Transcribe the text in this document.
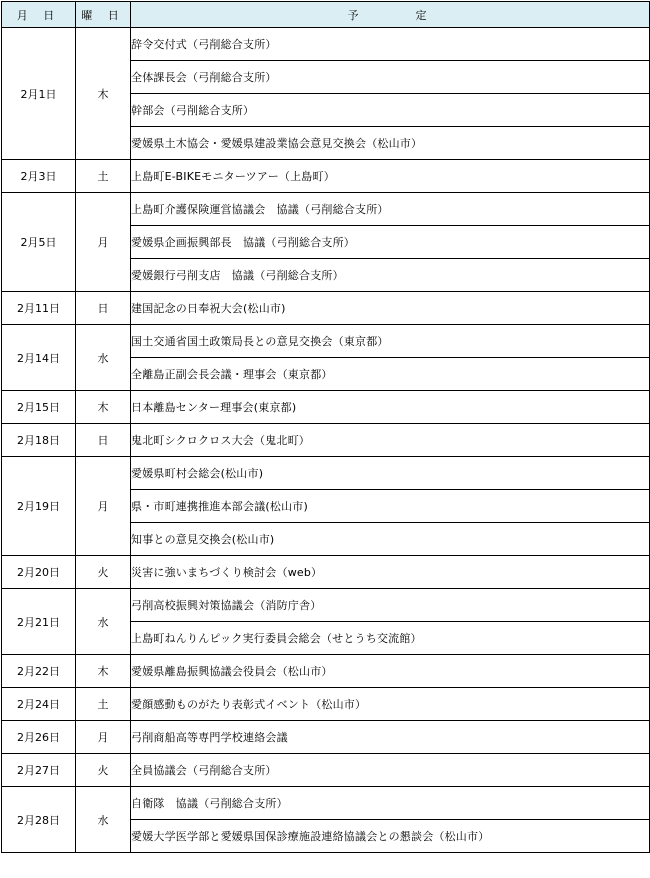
月 日	曜 日	予　　　定
2月1日	木	辞令交付式（弓削総合支所）
		全体課長会（弓削総合支所）
		幹部会（弓削総合支所）
		愛媛県土木協会・愛媛県建設業協会意見交換会（松山市）
2月3日	土	上島町E-BIKEモニターツアー（上島町）
2月5日	月	上島町介護保険運営協議会　協議（弓削総合支所）
		愛媛県企画振興部長　協議（弓削総合支所）
		愛媛銀行弓削支店　協議（弓削総合支所）
2月11日	日	建国記念の日奉祝大会(松山市)
2月14日	水	国土交通省国土政策局長との意見交換会（東京都）
		全離島正副会長会議・理事会（東京都）
2月15日	木	日本離島センター理事会(東京都)
2月18日	日	鬼北町シクロクロス大会（鬼北町）
2月19日	月	愛媛県町村会総会(松山市)
		県・市町連携推進本部会議(松山市)
		知事との意見交換会(松山市)
2月20日	火	災害に強いまちづくり検討会（web）
2月21日	水	弓削高校振興対策協議会（消防庁舎）
		上島町ねんりんピック実行委員会総会（せとうち交流館）
2月22日	木	愛媛県離島振興協議会役員会（松山市）
2月24日	土	愛顔感動ものがたり表彰式イベント（松山市）
2月26日	月	弓削商船高等専門学校連絡会議
2月27日	火	全員協議会（弓削総合支所）
2月28日	水	自衛隊　協議（弓削総合支所）
		愛媛大学医学部と愛媛県国保診療施設連絡協議会との懇談会（松山市）
